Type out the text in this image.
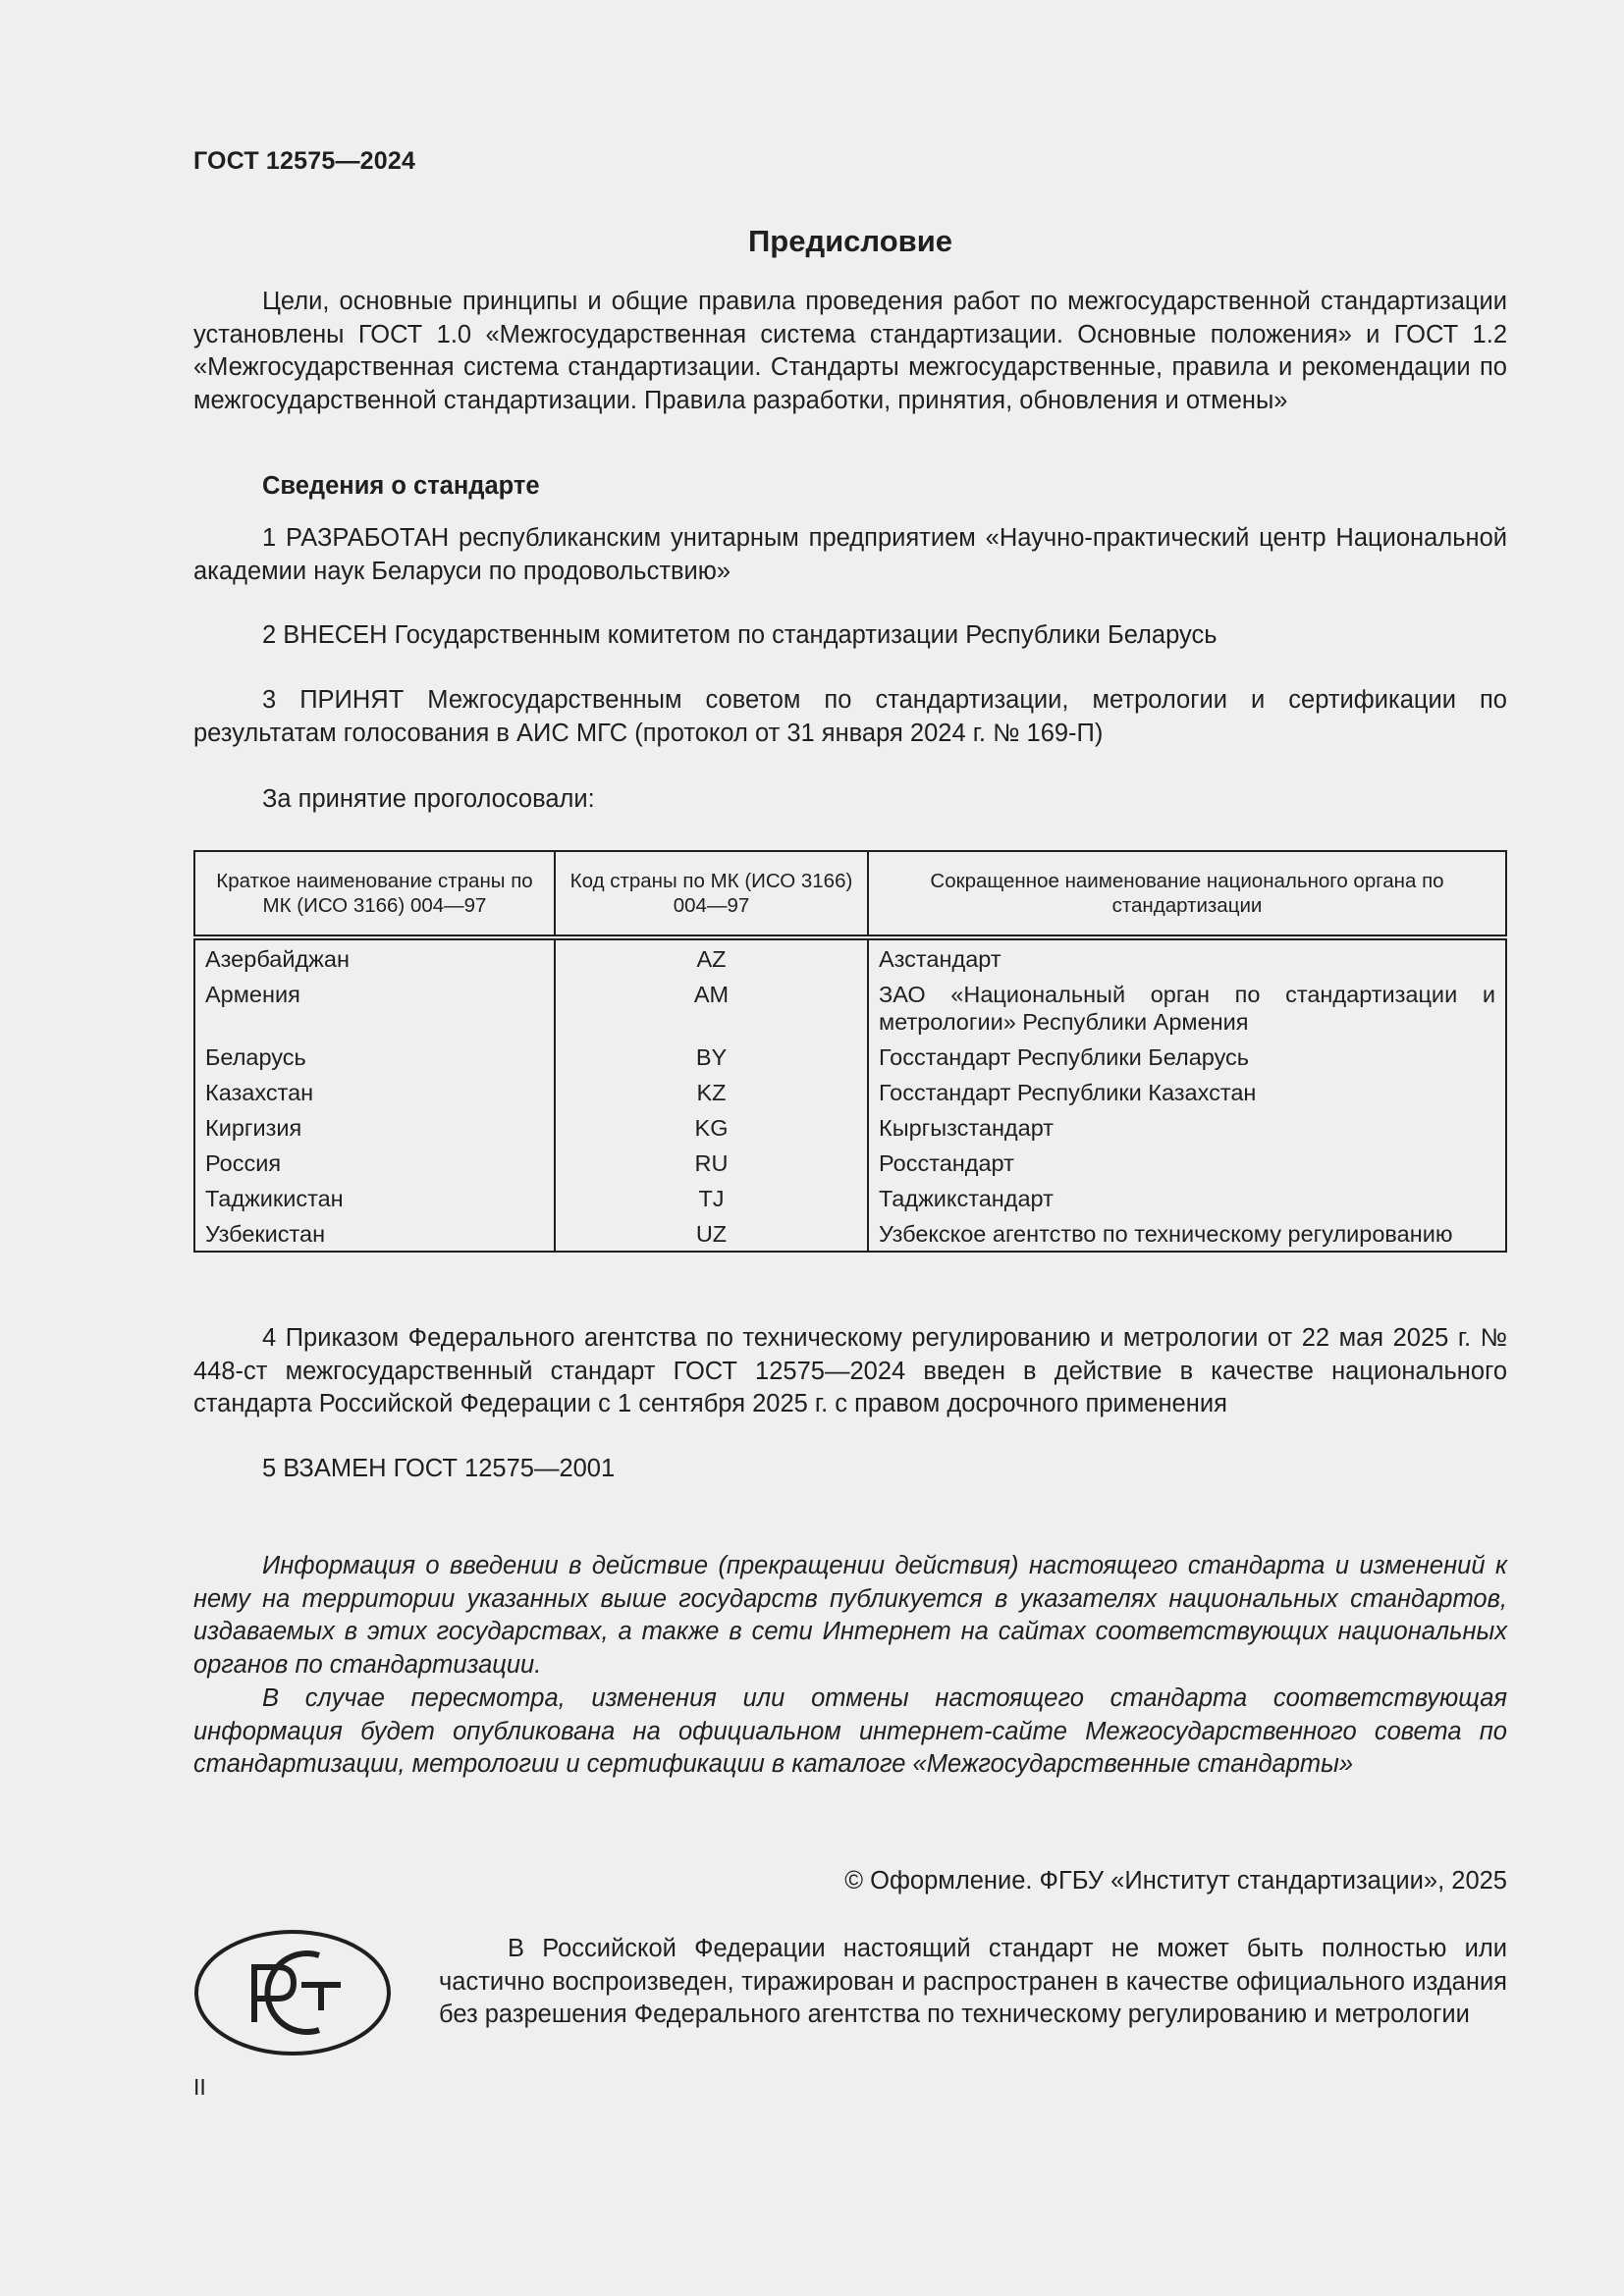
ГОСТ 12575—2024
Предисловие

Цели, основные принципы и общие правила проведения работ по межгосударственной стандартизации установлены ГОСТ 1.0 «Межгосударственная система стандартизации. Основные положения» и ГОСТ 1.2 «Межгосударственная система стандартизации. Стандарты межгосударственные, правила и рекомендации по межгосударственной стандартизации. Правила разработки, принятия, обновления и отмены»

Сведения о стандарте

1 РАЗРАБОТАН республиканским унитарным предприятием «Научно-практический центр Национальной академии наук Беларуси по продовольствию»

2 ВНЕСЕН Государственным комитетом по стандартизации Республики Беларусь

3 ПРИНЯТ Межгосударственным советом по стандартизации, метрологии и сертификации по результатам голосования в АИС МГС (протокол от 31 января 2024 г. № 169-П)

За принятие проголосовали:

Краткое наименование страны по МК (ИСО 3166) 004—97	Код страны по МК (ИСО 3166) 004—97	Сокращенное наименование национального органа по стандартизации
Азербайджан	AZ	Азстандарт
Армения	AM	ЗАО «Национальный орган по стандартизации и метрологии» Республики Армения
Беларусь	BY	Госстандарт Республики Беларусь
Казахстан	KZ	Госстандарт Республики Казахстан
Киргизия	KG	Кыргызстандарт
Россия	RU	Росстандарт
Таджикистан	TJ	Таджикстандарт
Узбекистан	UZ	Узбекское агентство по техническому регулированию

4 Приказом Федерального агентства по техническому регулированию и метрологии от 22 мая 2025 г. № 448-ст межгосударственный стандарт ГОСТ 12575—2024 введен в действие в качестве национального стандарта Российской Федерации с 1 сентября 2025 г. с правом досрочного применения

5 ВЗАМЕН ГОСТ 12575—2001

Информация о введении в действие (прекращении действия) настоящего стандарта и изменений к нему на территории указанных выше государств публикуется в указателях национальных стандартов, издаваемых в этих государствах, а также в сети Интернет на сайтах соответствующих национальных органов по стандартизации.

В случае пересмотра, изменения или отмены настоящего стандарта соответствующая информация будет опубликована на официальном интернет-сайте Межгосударственного совета по стандартизации, метрологии и сертификации в каталоге «Межгосударственные стандарты»

© Оформление. ФГБУ «Институт стандартизации», 2025

В Российской Федерации настоящий стандарт не может быть полностью или частично воспроизведен, тиражирован и распространен в качестве официального издания без разрешения Федерального агентства по техническому регулированию и метрологии

II
